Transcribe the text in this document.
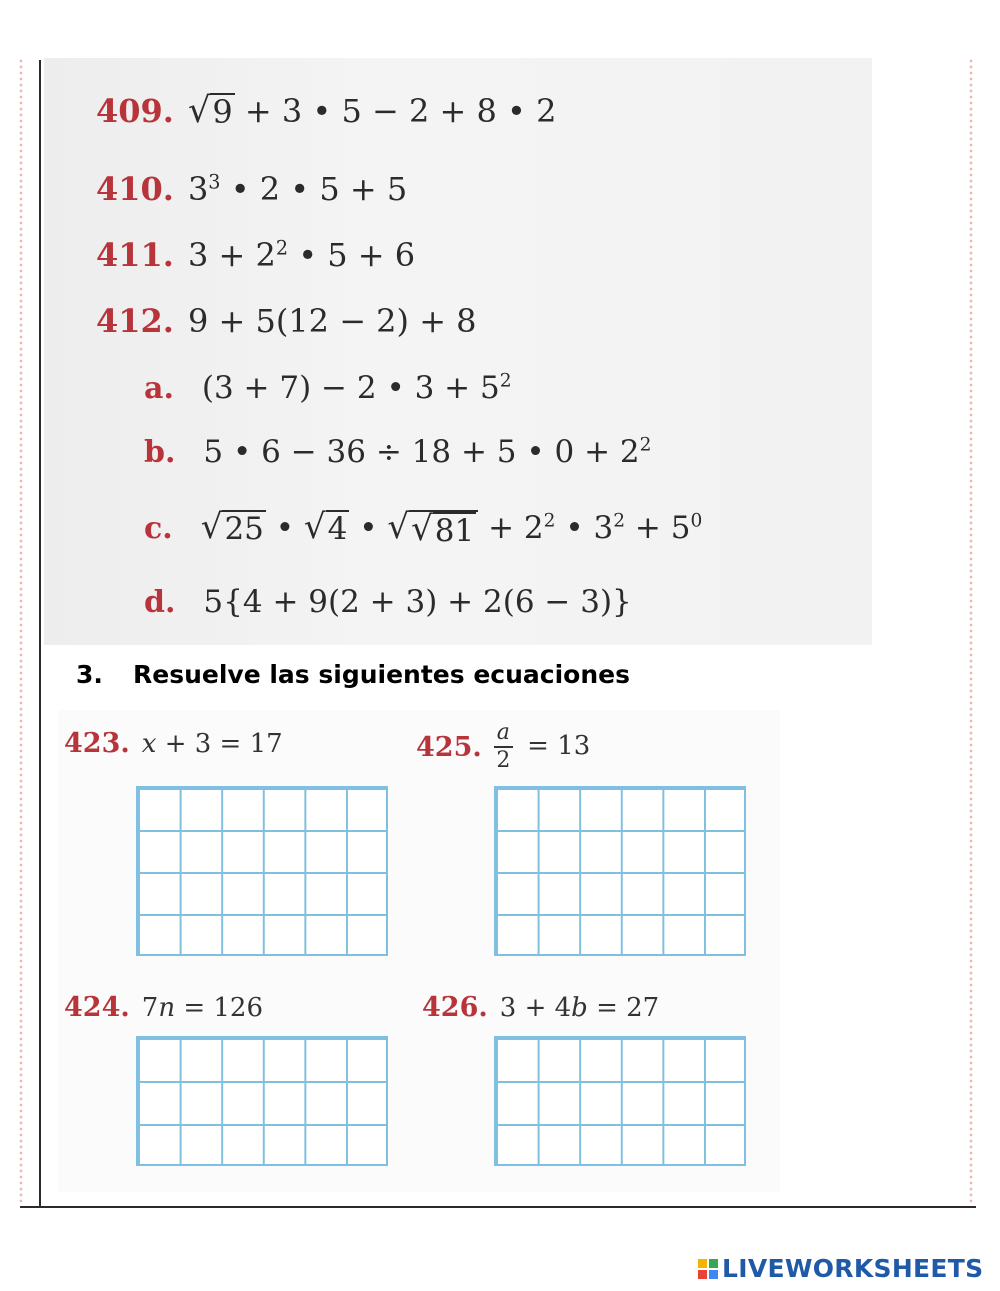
409. √ 9 + 3 • 5 − 2 + 8 • 2
410. $3^3$ • 2 • 5 + 5
411. $3 + 2^2$ • 5 + 6
412. 9 + 5(12 − 2) + 8
a. (3 + 7) − 2 • $3 + 5^2$
b. 5 • 6 − 36 ÷ 18 + 5 • $0 + 2^2$
c. √ 25 • √ 4 • √ √ $81 + 2^2$ • $3^2 + 5^0$
d. 5{4 + 9(2 + 3) + 2(6 − 3)}
3. Resuelve las siguientes ecuaciones
423. x + 3 = 17	425. $\frac{a}{2} = 13$
424. 7n = 126	426. 3 + 4b = 27
LIVEWORKSHEETS
